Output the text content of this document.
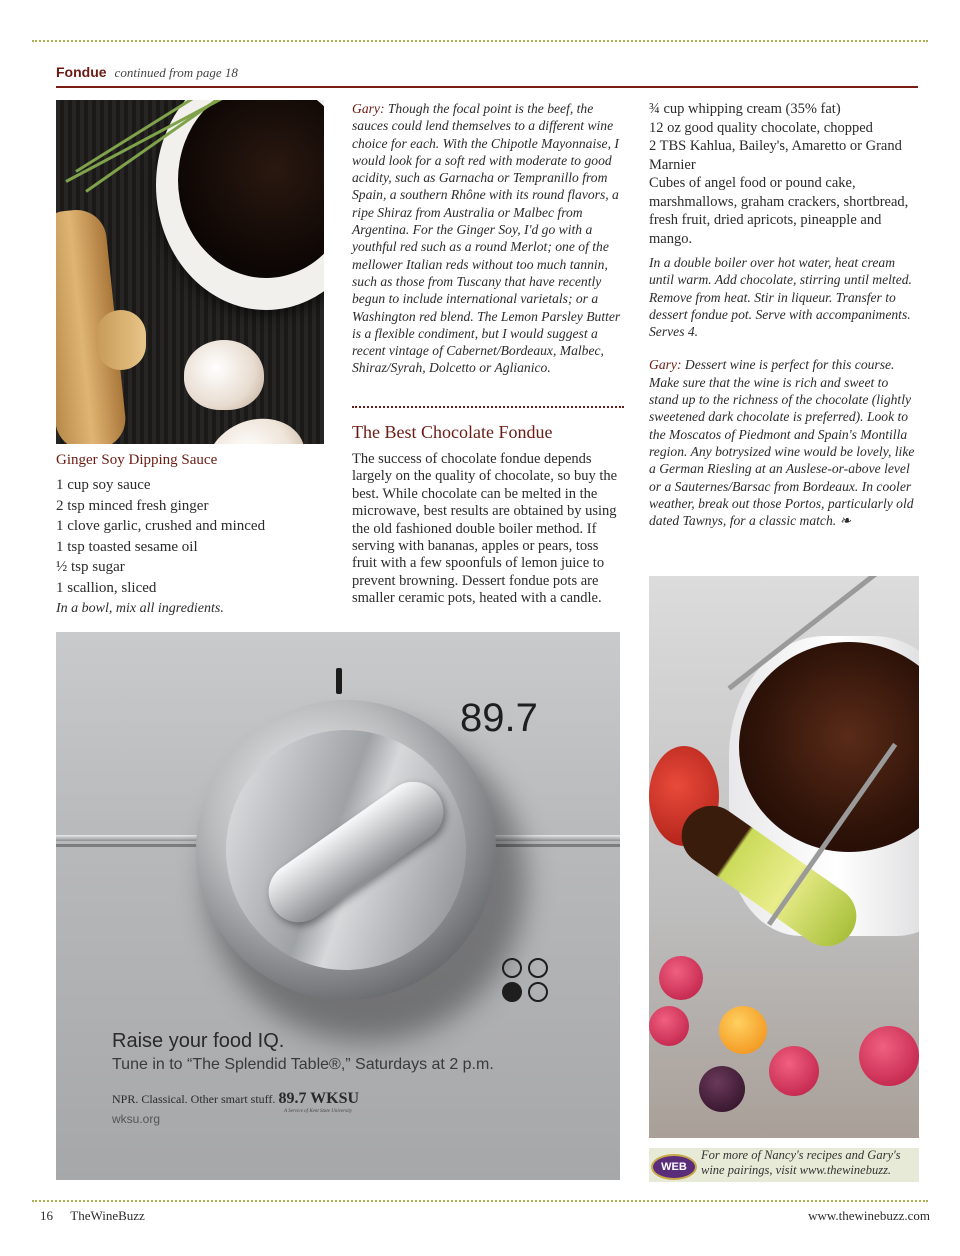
Fondue continued from page 18
Ginger Soy Dipping Sauce
1 cup soy sauce
2 tsp minced fresh ginger
1 clove garlic, crushed and minced
1 tsp toasted sesame oil
½ tsp sugar
1 scallion, sliced

In a bowl, mix all ingredients.

Gary: Though the focal point is the beef, the sauces could lend themselves to a different wine choice for each. With the Chipotle Mayonnaise, I would look for a soft red with moderate to good acidity, such as Garnacha or Tempranillo from Spain, a southern Rhône with its round flavors, a ripe Shiraz from Australia or Malbec from Argentina. For the Ginger Soy, I'd go with a youthful red such as a round Merlot; one of the mellower Italian reds without too much tannin, such as those from Tuscany that have recently begun to include international varietals; or a Washington red blend. The Lemon Parsley Butter is a flexible condiment, but I would suggest a recent vintage of Cabernet/Bordeaux, Malbec, Shiraz/Syrah, Dolcetto or Aglianico.
The Best Chocolate Fondue

The success of chocolate fondue depends largely on the quality of chocolate, so buy the best. While chocolate can be melted in the microwave, best results are obtained by using the old fashioned double boiler method. If serving with bananas, apples or pears, toss fruit with a few spoonfuls of lemon juice to prevent browning. Dessert fondue pots are smaller ceramic pots, heated with a candle.

¾ cup whipping cream (35% fat)
12 oz good quality chocolate, chopped
2 TBS Kahlua, Bailey's, Amaretto or Grand Marnier
Cubes of angel food or pound cake, marshmallows, graham crackers, shortbread, fresh fruit, dried apricots, pineapple and mango.

In a double boiler over hot water, heat cream until warm. Add chocolate, stirring until melted. Remove from heat. Stir in liqueur. Transfer to dessert fondue pot. Serve with accompaniments. Serves 4.

Gary: Dessert wine is perfect for this course. Make sure that the wine is rich and sweet to stand up to the richness of the chocolate (lightly sweetened dark chocolate is preferred). Look to the Moscatos of Piedmont and Spain's Montilla region. Any botrysized wine would be lovely, like a German Riesling at an Auslese-or-above level or a Sauternes/Barsac from Bordeaux. In cooler weather, break out those Portos, particularly old dated Tawnys, for a classic match. ❧
89.7
Raise your food IQ.
Tune in to “The Splendid Table®,” Saturdays at 2 p.m.
NPR. Classical. Other smart stuff. 89.7 WKSU
A Service of Kent State University
wksu.org
WEB
For more of Nancy's recipes and Gary's wine pairings, visit www.thewinebuzz.
16 TheWineBuzz	www.thewinebuzz.com
